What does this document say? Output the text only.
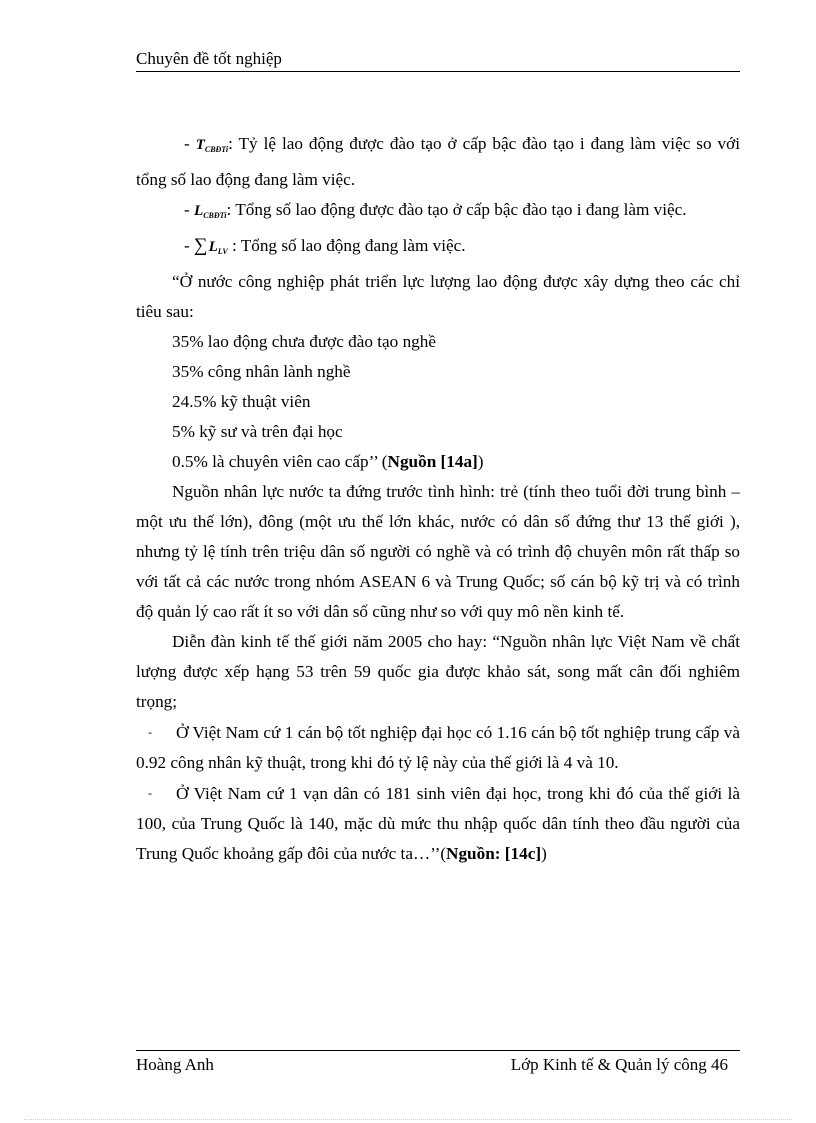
Chuyên đề tốt nghiệp

- $T_{CBĐTi}$: Tỷ lệ lao động được đào tạo ở cấp bậc đào tạo i đang làm việc so với tổng số lao động đang làm việc.

- $L_{CBĐTi}$: Tổng số lao động được đào tạo ở cấp bậc đào tạo i đang làm việc.

- $\sum L_{LV}$ : Tổng số lao động đang làm việc.

“Ở nước công nghiệp phát triển lực lượng lao động được xây dựng theo các chỉ tiêu sau:

35% lao động chưa được đào tạo nghề

35% công nhân lành nghề

24.5% kỹ thuật viên

5% kỹ sư và trên đại học

0.5% là chuyên viên cao cấp’’ (Nguồn [14a])

Nguồn nhân lực nước ta đứng trước tình hình: trẻ (tính theo tuổi đời trung bình – một ưu thế lớn), đông (một ưu thế lớn khác, nước có dân số đứng thư 13 thế giới ), nhưng tỷ lệ tính trên triệu dân số người có nghề và có trình độ chuyên môn rất thấp so với tất cả các nước trong nhóm ASEAN 6 và Trung Quốc; số cán bộ kỹ trị và có trình độ quản lý cao rất ít so với dân số cũng như so với quy mô nền kinh tế.

Diễn đàn kinh tế thế giới năm 2005 cho hay: “Nguồn nhân lực Việt Nam về chất lượng được xếp hạng 53 trên 59 quốc gia được khảo sát, song mất cân đối nghiêm trọng;

- Ở Việt Nam cứ 1 cán bộ tốt nghiệp đại học có 1.16 cán bộ tốt nghiệp trung cấp và 0.92 công nhân kỹ thuật, trong khi đó tỷ lệ này của thế giới là 4 và 10.

- Ở Việt Nam cứ 1 vạn dân có 181 sinh viên đại học, trong khi đó của thế giới là 100, của Trung Quốc là 140, mặc dù mức thu nhập quốc dân tính theo đầu người của Trung Quốc khoảng gấp đôi của nước ta…’’(Nguồn: [14c])

Hoàng Anh	Lớp Kinh tế & Quản lý công 46
